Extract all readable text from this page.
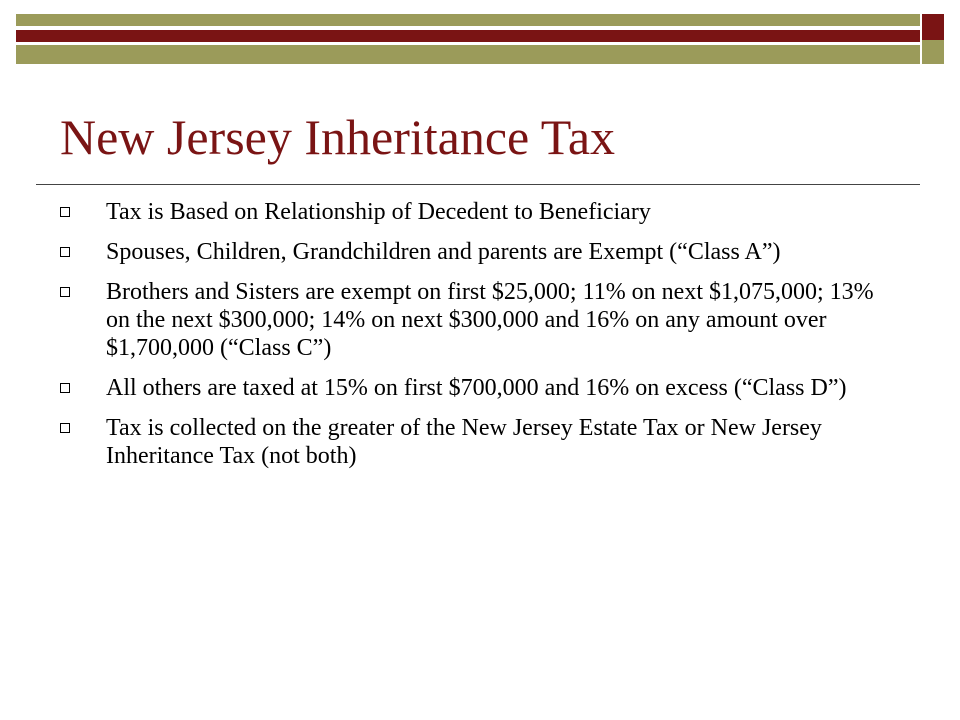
New Jersey Inheritance Tax
Tax is Based on Relationship of Decedent to Beneficiary
Spouses, Children, Grandchildren and parents are Exempt (“Class A”)
Brothers and Sisters are exempt on first $25,000; 11% on next $1,075,000; 13% on the next $300,000; 14% on next $300,000 and 16% on any amount over $1,700,000 (“Class C”)
All others are taxed at 15% on first $700,000 and 16% on excess (“Class D”)
Tax is collected on the greater of the New Jersey Estate Tax or New Jersey Inheritance Tax (not both)
